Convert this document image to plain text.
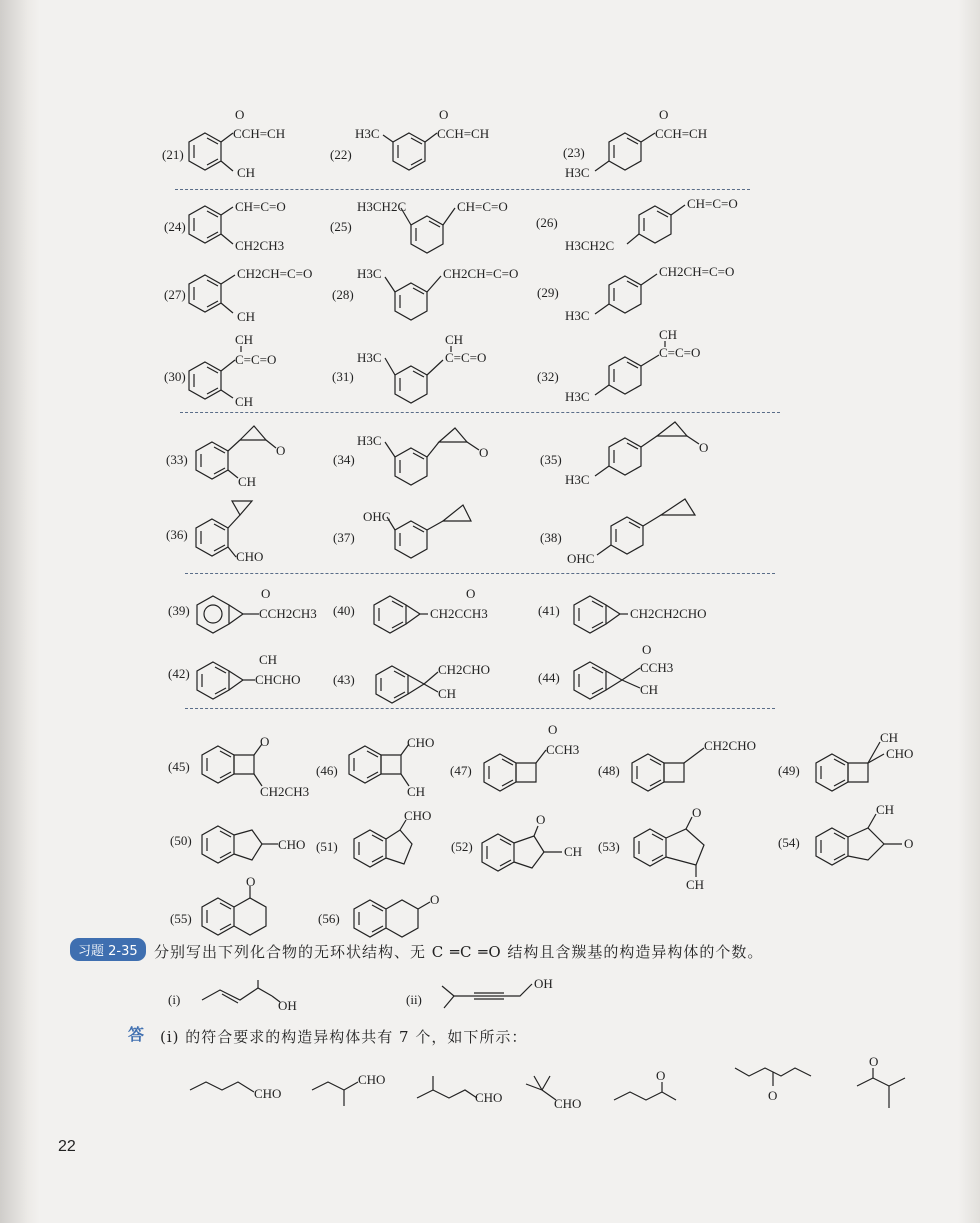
(21)
CH
CCH=CH
O
(22)
H3C	CCH=CH
O
(23)
H3C
CCH=CH
O
(24)
CH=C=O
CH2CH3
(25)
H3CH2C	CH=C=O
(26)
H3CH2C
CH=C=O
(27)
CH2CH=C=O
CH
(28)
H3C	CH2CH=C=O
(29)
H3C
CH2CH=C=O
(30)
CH
C=C=O
CH
(31)
H3C
CH
C=C=O
(32)
H3C
CH
C=C=O
(33)
O
CH
(34)
H3C
O	(35)
H3C
O
(36)
CHO
(37)
OHC
(38)
OHC
(39)	CCH2CH3
O
(40)	CH2CCH3
O
(41)	CH2CH2CHO
(42)	CHCHO
CH
(43)
CH2CHO
CH
(44)
CCH3
O
CH
(45)
O
CH2CH3
(46)
CHO
CH
(47)
CCH3
O
(48)
CH2CHO
(49)
CH
CHO
(50)	CHO (51)
CHO
(52)
O
CH (53)
O
CH
(54)
CH
O
(55)
O
(56)
O
习题 2-35	分别写出下列化合物的无环状结构、无 C ═C ═O 结构且含羰基的构造异构体的个数。
(i)	OH	(ii)
OH
答 (i) 的符合要求的构造异构体共有 7 个，如下所示：
CHO
CHO
CHO	CHO
O
O
O
22
